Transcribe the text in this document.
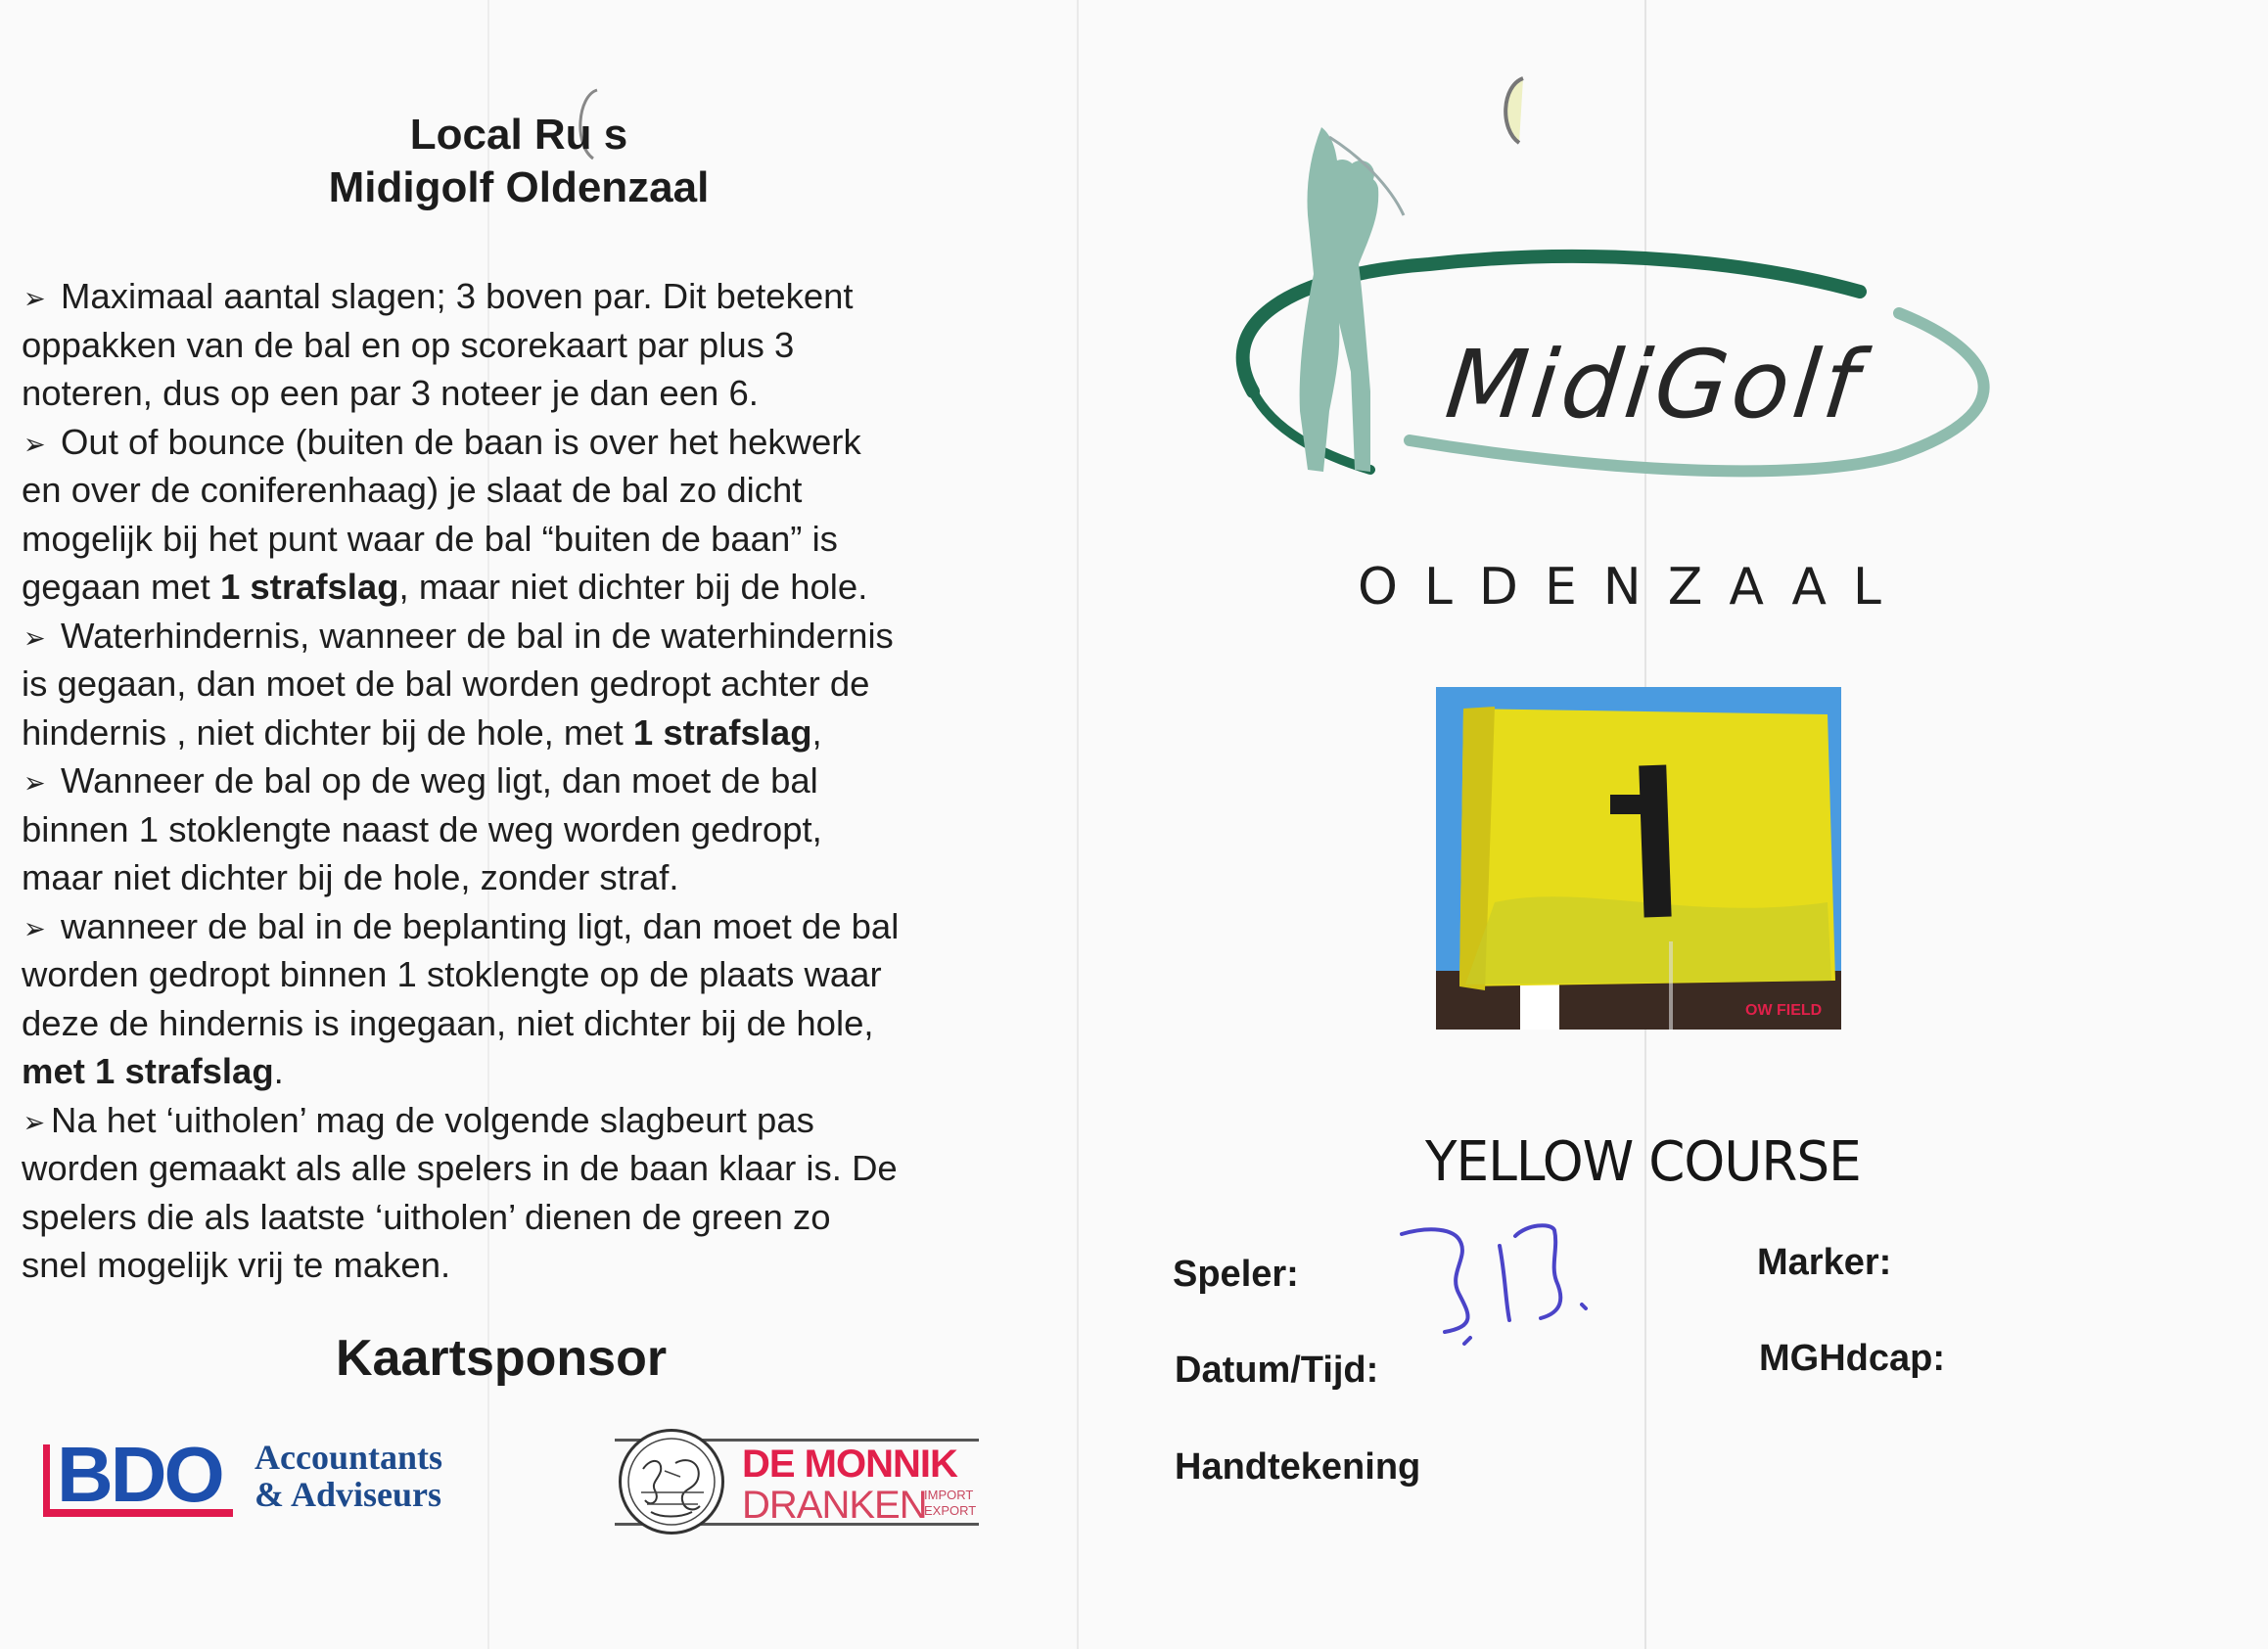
Local Ru s
Midigolf Oldenzaal
➢ Maximaal aantal slagen; 3 boven par. Dit betekent
oppakken van de bal en op scorekaart par plus 3
noteren, dus op een par 3 noteer je dan een 6.
➢ Out of bounce (buiten de baan is over het hekwerk
en over de coniferenhaag) je slaat de bal zo dicht
mogelijk bij het punt waar de bal “buiten de baan” is
gegaan met 1 strafslag, maar niet dichter bij de hole.
➢ Waterhindernis, wanneer de bal in de waterhindernis
is gegaan, dan moet de bal worden gedropt achter de
hindernis , niet dichter bij de hole, met 1 strafslag,
➢ Wanneer de bal op de weg ligt, dan moet de bal
binnen 1 stoklengte naast de weg worden gedropt,
maar niet dichter bij de hole, zonder straf.
➢ wanneer de bal in de beplanting ligt, dan moet de bal
worden gedropt binnen 1 stoklengte op de plaats waar
deze de hindernis is ingegaan, niet dichter bij de hole,
met 1 strafslag.
➢ Na het ‘uitholen’ mag de volgende slagbeurt pas
worden gemaakt als alle spelers in de baan klaar is. De
spelers die als laatste ‘uitholen’ dienen de green zo
snel mogelijk vrij te maken.
Kaartsponsor
BDO Accountants
& Adviseurs
DE MONNIK
DRANKEN
IMPORT
EXPORT
MidiGolf
OLDENZAAL
OW FIELD
YELLOW COURSE
Speler:	Marker:
Datum/Tijd:	MGHdcap:
Handtekening
